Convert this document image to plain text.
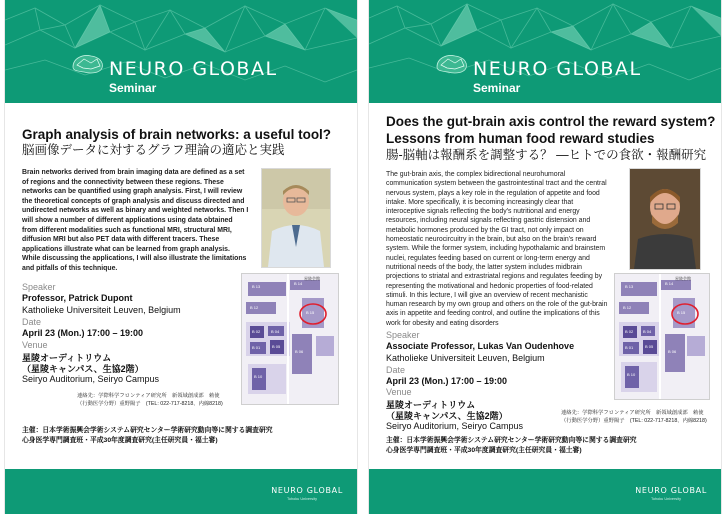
NEURO GLOBAL
Seminar
Graph analysis of brain networks: a useful tool?
脳画像データに対するグラフ理論の適応と実践
Brain networks derived from brain imaging data are defined as a set
of regions and the connectivity between these regions. These
networks can be quantified using graph analysis. First, I will review
the theoretical concepts of graph analysis and discuss directed and
undirected networks as well as binary and weighted networks. Then I
will show a number of different applications using data obtained
from different modalities such as functional MRI, structural MRI,
diffusion MRI but also PET data with different tracers. These
applications illustrate what can be learned from graph analysis.
While discussing the applications, I will also illustrate the limitations
and pitfalls of this technique.
B 13
B 14
B 12
B 15
B 02	B 04
B 01	B 05
B 06
B 10
星陵会館
Speaker
Professor, Patrick Dupont
Katholieke Universiteit Leuven, Belgium
Date
April 23 (Mon.) 17:00 – 19:00
Venue
星陵オーディトリウム
（星陵キャンパス、生協2階）
Seiryo Auditorium, Seiryo Campus
連絡先：学際科学フロンティア研究所　新領域創成部　勅使
（行動医学分野）重野陽子　(TEL: 022-717-8218、内線8218)
主催：日本学術振興会学術システム研究センター学術研究動向等に関する調査研究
心身医学専門調査班・平成30年度調査研究(主任研究員・福土審)
NEURO GLOBAL
Tohoku University
NEURO GLOBAL
Seminar
Does the gut-brain axis control the reward system?
Lessons from human food reward studies
腸-脳軸は報酬系を調整する？ ―ヒトでの食欲・報酬研究
The gut-brain axis, the complex bidirectional neurohumoral
communication system between the gastrointestinal tract and the central
nervous system, plays a key role in the regulation of appetite and food
intake. More specifically, it is becoming increasingly clear that
interoceptive signals reflecting the body's nutritional and energy
resources, including neural signals reflecting gastric distension and
metabolic hormones produced by the GI tract, not only impact on
homeostatic neurocircuitry in the brain, but also on the brain's reward
system. While the former system, including hypothalamic and brainstem
nuclei, regulates feeding based on current or long-term energy and
nutritional needs of the body, the latter system includes midbrain
projections to striatal and extrastriatal regions and regulates feeding by
representing the motivational and hedonic properties of food-related
stimuli. In this lecture, I will give an overview of recent mechanistic
human research by my own group and others on the role of the gut-brain
axis in appetite and feeding control, and outline the implications of this
work for obesity and eating disorders
B 13
B 14
B 12
B 15
B 02 B 04
B 01	B 05
B 06
B 10
星陵会館
Speaker
Associate Professor, Lukas Van Oudenhove
Katholieke Universiteit Leuven, Belgium
Date
April 23 (Mon.) 17:00 – 19:00
Venue
星陵オーディトリウム
（星陵キャンパス、生協2階）
Seiryo Auditorium, Seiryo Campus
連絡先：学際科学フロンティア研究所　新領域創成部　勅使
（行動医学分野）重野陽子　(TEL: 022-717-8218、内線8218)
主催：日本学術振興会学術システム研究センター学術研究動向等に関する調査研究
心身医学専門調査班・平成30年度調査研究(主任研究員・福土審)
NEURO GLOBAL
Tohoku University
